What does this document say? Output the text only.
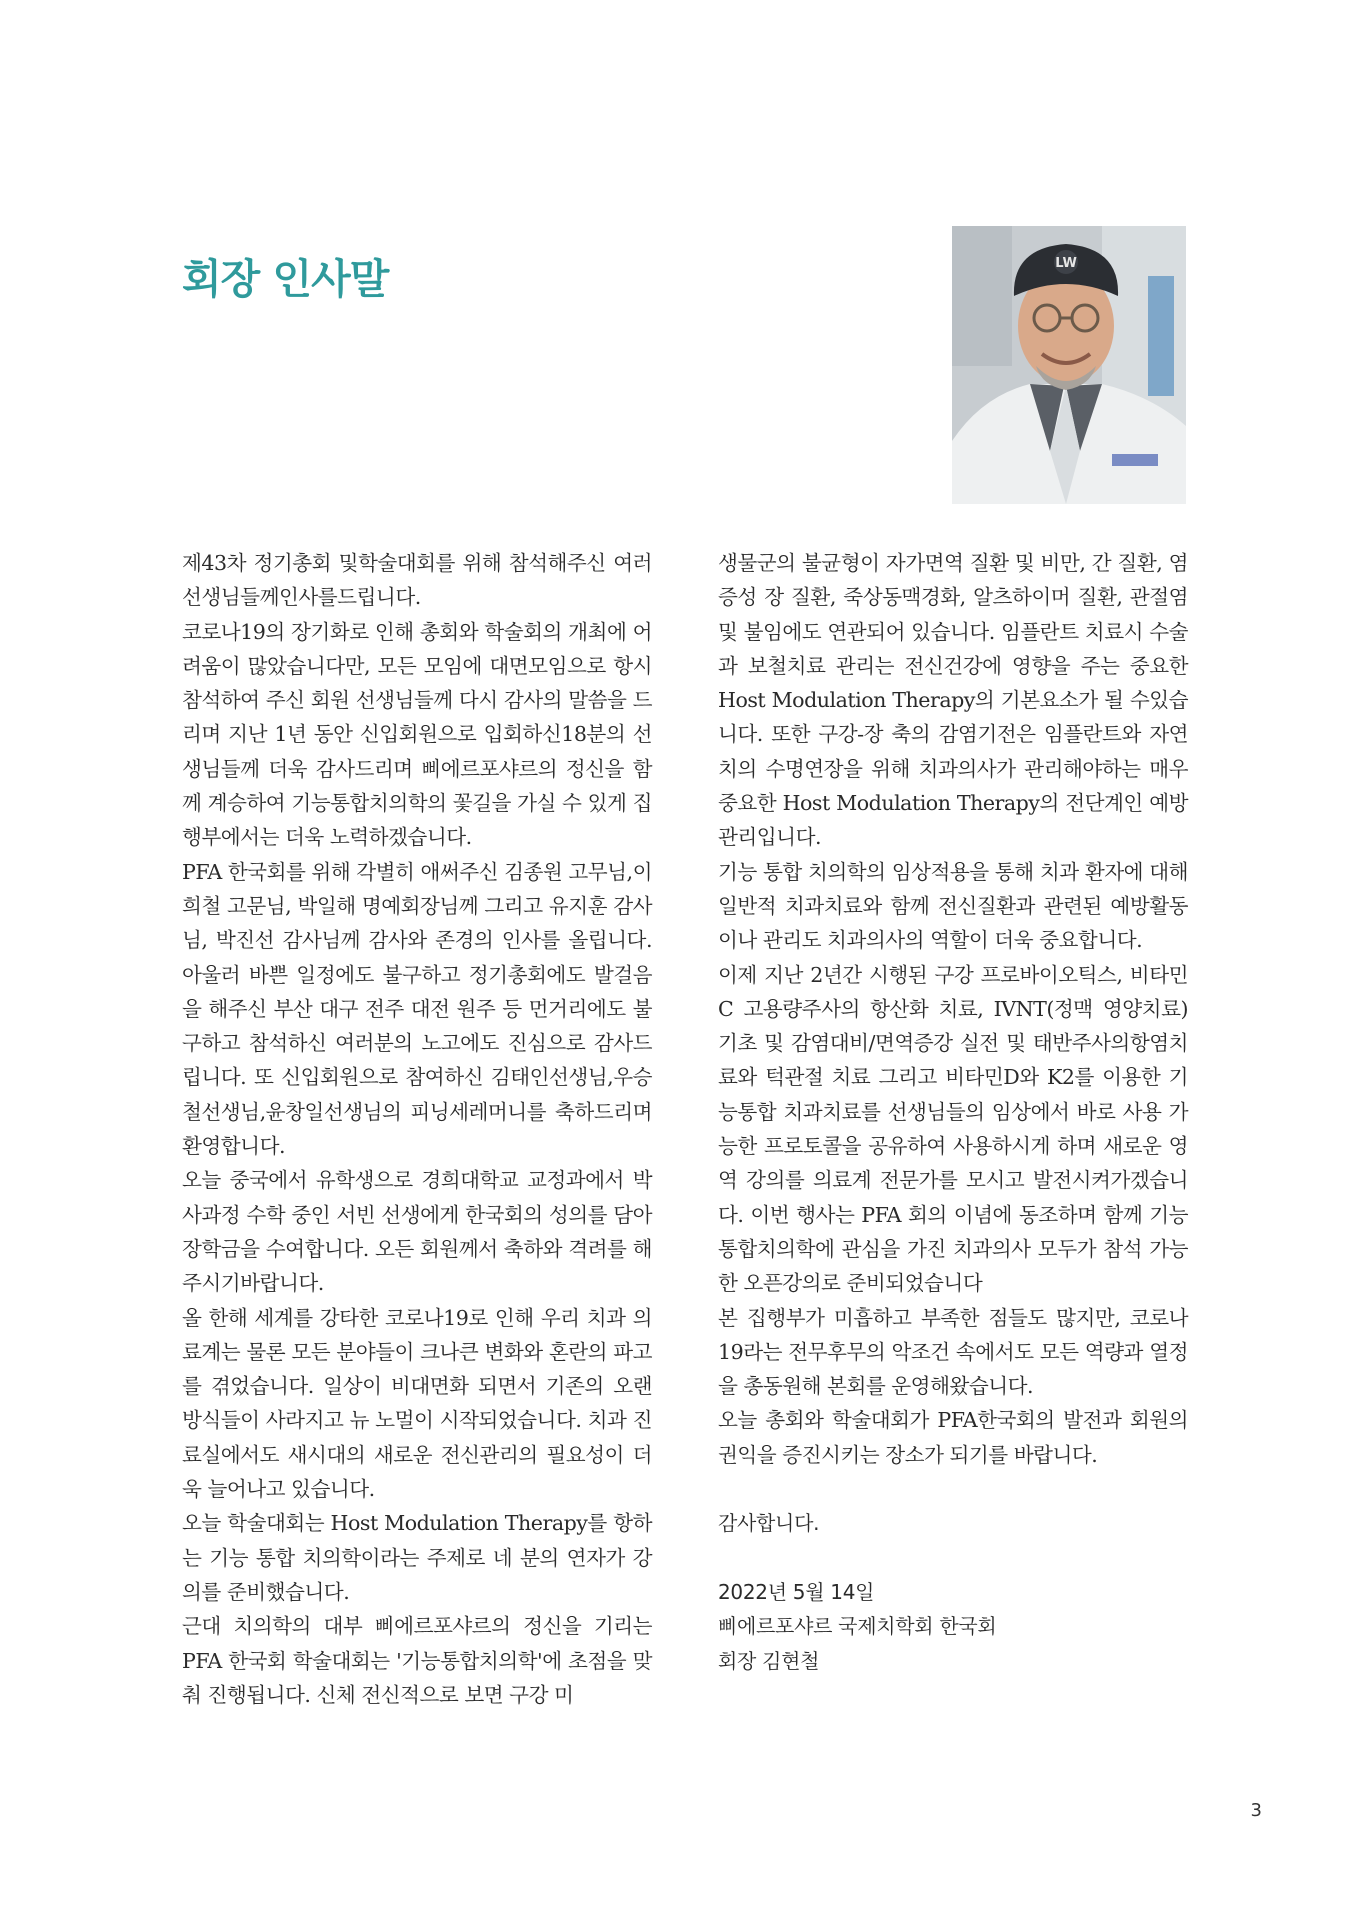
회장 인사말	LW

제43차 정기총회 및학술대회를 위해 참석해주신 여러 선생님들께인사를드립니다.

코로나19의 장기화로 인해 총회와 학술회의 개최에 어려움이 많았습니다만, 모든 모임에 대면모임으로 항시 참석하여 주신 회원 선생님들께 다시 감사의 말씀을 드리며 지난 1년 동안 신입회원으로 입회하신18분의 선생님들께 더욱 감사드리며 삐에르포샤르의 정신을 함께 계승하여 기능통합치의학의 꽃길을 가실 수 있게 집행부에서는 더욱 노력하겠습니다.

PFA 한국회를 위해 각별히 애써주신 김종원 고무님,이희철 고문님, 박일해 명예회장님께 그리고 유지훈 감사님, 박진선 감사님께 감사와 존경의 인사를 올립니다. 아울러 바쁜 일정에도 불구하고 정기총회에도 발걸음을 해주신 부산 대구 전주 대전 원주 등 먼거리에도 불구하고 참석하신 여러분의 노고에도 진심으로 감사드립니다. 또 신입회원으로 참여하신 김태인선생님,우승철선생님,윤창일선생님의 피닝세레머니를 축하드리며 환영합니다.

오늘 중국에서 유학생으로 경희대학교 교정과에서 박사과정 수학 중인 서빈 선생에게 한국회의 성의를 담아 장학금을 수여합니다. 오든 회원께서 축하와 격려를 해주시기바랍니다.

올 한해 세계를 강타한 코로나19로 인해 우리 치과 의료계는 물론 모든 분야들이 크나큰 변화와 혼란의 파고를 겪었습니다. 일상이 비대면화 되면서 기존의 오랜 방식들이 사라지고 뉴 노멀이 시작되었습니다. 치과 진료실에서도 새시대의 새로운 전신관리의 필요성이 더욱 늘어나고 있습니다.

오늘 학술대회는 Host Modulation Therapy를 항하는 기능 통합 치의학이라는 주제로 네 분의 연자가 강의를 준비했습니다.

근대 치의학의 대부 삐에르포샤르의 정신을 기리는 PFA 한국회 학술대회는 '기능통합치의학'에 초점을 맞춰 진행됩니다. 신체 전신적으로 보면 구강 미

생물군의 불균형이 자가면역 질환 및 비만, 간 질환, 염증성 장 질환, 죽상동맥경화, 알츠하이머 질환, 관절염 및 불임에도 연관되어 있습니다. 임플란트 치료시 수술과 보철치료 관리는 전신건강에 영향을 주는 중요한 Host Modulation Therapy의 기본요소가 될 수있습니다. 또한 구강-장 축의 감염기전은 임플란트와 자연치의 수명연장을 위해 치과의사가 관리해야하는 매우 중요한 Host Modulation Therapy의 전단계인 예방관리입니다.

기능 통합 치의학의 임상적용을 통해 치과 환자에 대해 일반적 치과치료와 함께 전신질환과 관련된 예방활동이나 관리도 치과의사의 역할이 더욱 중요합니다.

이제 지난 2년간 시행된 구강 프로바이오틱스, 비타민C 고용량주사의 항산화 치료, IVNT(정맥 영양치료) 기초 및 감염대비/면역증강 실전 및 태반주사의항염치료와 턱관절 치료 그리고 비타민D와 K2를 이용한 기능통합 치과치료를 선생님들의 임상에서 바로 사용 가능한 프로토콜을 공유하여 사용하시게 하며 새로운 영역 강의를 의료계 전문가를 모시고 발전시켜가겠습니다. 이번 행사는 PFA 회의 이념에 동조하며 함께 기능통합치의학에 관심을 가진 치과의사 모두가 참석 가능한 오픈강의로 준비되었습니다

본 집행부가 미흡하고 부족한 점들도 많지만, 코로나19라는 전무후무의 악조건 속에서도 모든 역량과 열정을 총동원해 본회를 운영해왔습니다.

오늘 총회와 학술대회가 PFA한국회의 발전과 회원의 권익을 증진시키는 장소가 되기를 바랍니다.

감사합니다.

2022년 5월 14일

삐에르포샤르 국제치학회 한국회

회장 김현철

3
